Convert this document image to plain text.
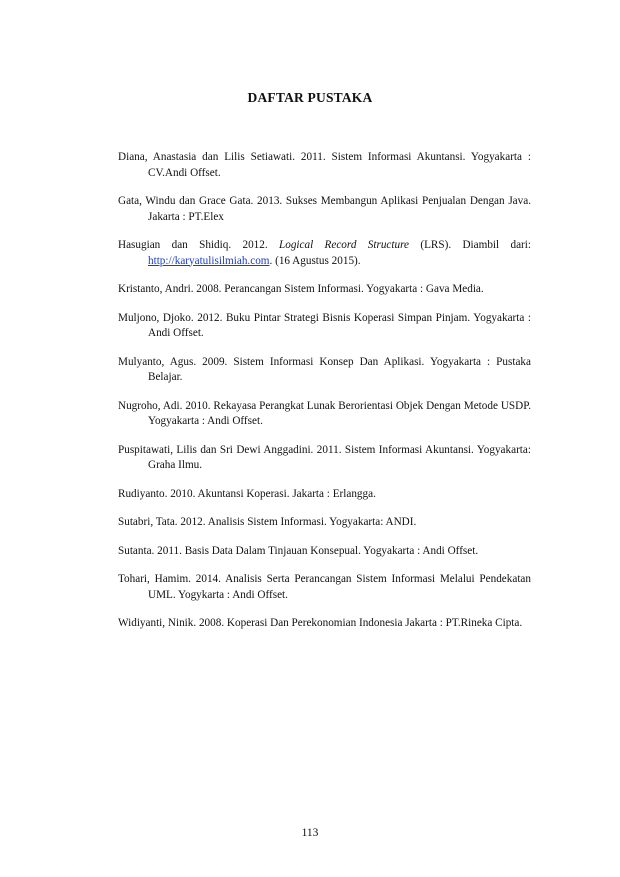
DAFTAR PUSTAKA

Diana, Anastasia dan Lilis Setiawati. 2011. Sistem Informasi Akuntansi. Yogyakarta : CV.Andi Offset.

Gata, Windu dan Grace Gata. 2013. Sukses Membangun Aplikasi Penjualan Dengan Java. Jakarta : PT.Elex

Hasugian dan Shidiq. 2012. Logical Record Structure (LRS). Diambil dari: http://karyatulisilmiah.com. (16 Agustus 2015).

Kristanto, Andri. 2008. Perancangan Sistem Informasi. Yogyakarta : Gava Media.

Muljono, Djoko. 2012. Buku Pintar Strategi Bisnis Koperasi Simpan Pinjam. Yogyakarta : Andi Offset.

Mulyanto, Agus. 2009. Sistem Informasi Konsep Dan Aplikasi. Yogyakarta : Pustaka Belajar.

Nugroho, Adi. 2010. Rekayasa Perangkat Lunak Berorientasi Objek Dengan Metode USDP. Yogyakarta : Andi Offset.

Puspitawati, Lilis dan Sri Dewi Anggadini. 2011. Sistem Informasi Akuntansi. Yogyakarta: Graha Ilmu.

Rudiyanto. 2010. Akuntansi Koperasi. Jakarta : Erlangga.

Sutabri, Tata. 2012. Analisis Sistem Informasi. Yogyakarta: ANDI.

Sutanta. 2011. Basis Data Dalam Tinjauan Konsepual. Yogyakarta : Andi Offset.

Tohari, Hamim. 2014. Analisis Serta Perancangan Sistem Informasi Melalui Pendekatan UML. Yogykarta : Andi Offset.

Widiyanti, Ninik. 2008. Koperasi Dan Perekonomian Indonesia Jakarta : PT.Rineka Cipta.

113
